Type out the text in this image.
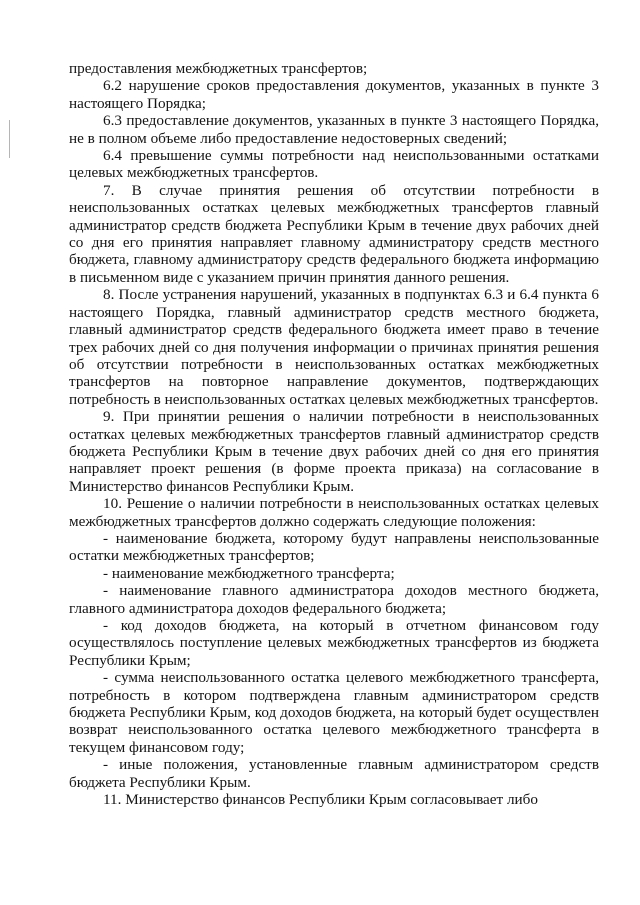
предоставления межбюджетных трансфертов;

6.2 нарушение сроков предоставления документов, указанных в пункте 3 настоящего Порядка;

6.3 предоставление документов, указанных в пункте 3 настоящего Порядка, не в полном объеме либо предоставление недостоверных сведений;

6.4 превышение суммы потребности над неиспользованными остатками целевых межбюджетных трансфертов.

7. В случае принятия решения об отсутствии потребности в неиспользованных остатках целевых межбюджетных трансфертов главный администратор средств бюджета Республики Крым в течение двух рабочих дней со дня его принятия направляет главному администратору средств местного бюджета, главному администратору средств федерального бюджета информацию в письменном виде с указанием причин принятия данного решения.

8. После устранения нарушений, указанных в подпунктах 6.3 и 6.4 пункта 6 настоящего Порядка, главный администратор средств местного бюджета, главный администратор средств федерального бюджета имеет право в течение трех рабочих дней со дня получения информации о причинах принятия решения об отсутствии потребности в неиспользованных остатках межбюджетных трансфертов на повторное направление документов, подтверждающих потребность в неиспользованных остатках целевых межбюджетных трансфертов.

9. При принятии решения о наличии потребности в неиспользованных остатках целевых межбюджетных трансфертов главный администратор средств бюджета Республики Крым в течение двух рабочих дней со дня его принятия направляет проект решения (в форме проекта приказа) на согласование в Министерство финансов Республики Крым.

10. Решение о наличии потребности в неиспользованных остатках целевых межбюджетных трансфертов должно содержать следующие положения:

- наименование бюджета, которому будут направлены неиспользованные остатки межбюджетных трансфертов;

- наименование межбюджетного трансферта;

- наименование главного администратора доходов местного бюджета, главного администратора доходов федерального бюджета;

- код доходов бюджета, на который в отчетном финансовом году осуществлялось поступление целевых межбюджетных трансфертов из бюджета Республики Крым;

- сумма неиспользованного остатка целевого межбюджетного трансферта, потребность в котором подтверждена главным администратором средств бюджета Республики Крым, код доходов бюджета, на который будет осуществлен возврат неиспользованного остатка целевого межбюджетного трансферта в текущем финансовом году;

- иные положения, установленные главным администратором средств бюджета Республики Крым.

11. Министерство финансов Республики Крым согласовывает либо
